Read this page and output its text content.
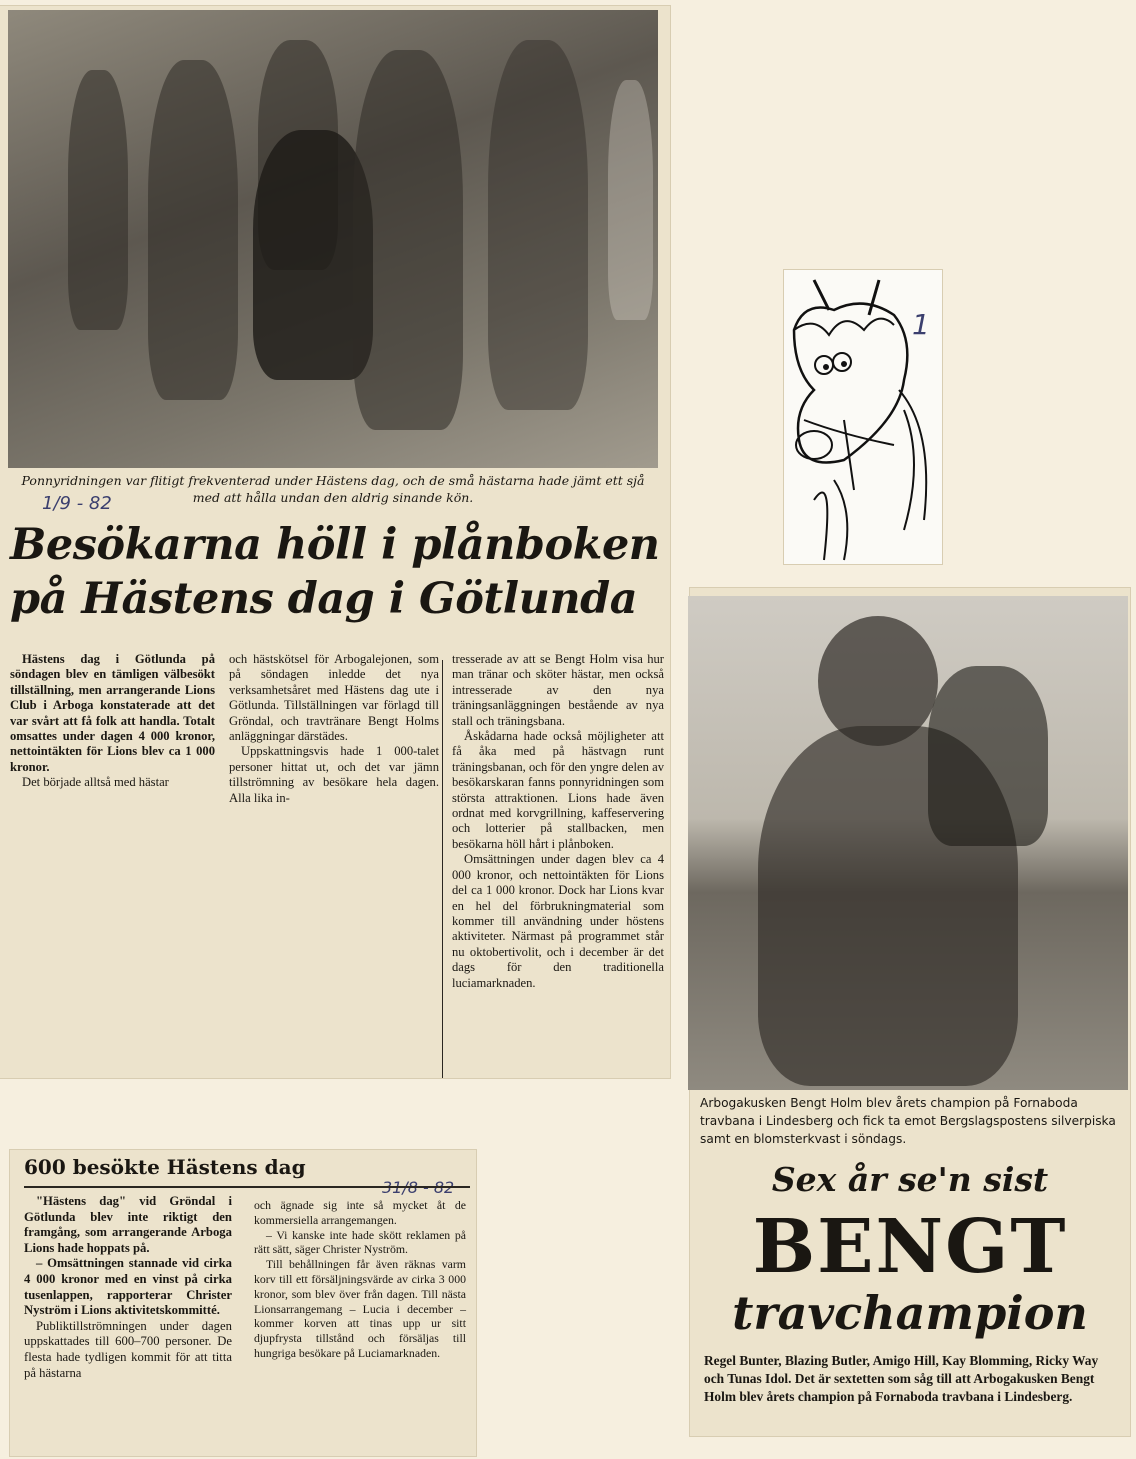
Ponnyridningen var flitigt frekventerad under Hästens dag, och de små hästarna hade jämt ett sjå med att hålla undan den aldrig sinande kön.
1/9 - 82
Besökarna höll i plånboken
på Hästens dag i Götlunda

Hästens dag i Götlunda på söndagen blev en tämligen välbesökt tillställning, men arrangerande Lions Club i Arboga konstaterade att det var svårt att få folk att handla. Totalt omsattes under dagen 4 000 kronor, nettointäkten för Lions blev ca 1 000 kronor.

Det började alltså med hästar

och hästskötsel för Arbogalejonen, som på söndagen inledde det nya verksamhetsåret med Hästens dag ute i Götlunda. Tillställningen var förlagd till Gröndal, och travtränare Bengt Holms anläggningar därstädes.

Uppskattningsvis hade 1 000-talet personer hittat ut, och det var jämn tillströmning av besökare hela dagen. Alla lika in-

tresserade av att se Bengt Holm visa hur man tränar och sköter hästar, men också intresserade av den nya träningsanläggningen bestående av nya stall och träningsbana.

Åskådarna hade också möjligheter att få åka med på hästvagn runt träningsbanan, och för den yngre delen av besökarskaran fanns ponnyridningen som största attraktionen. Lions hade även ordnat med korvgrillning, kaffeservering och lotterier på stallbacken, men besökarna höll hårt i plånboken.

Omsättningen under dagen blev ca 4 000 kronor, och nettointäkten för Lions del ca 1 000 kronor. Dock har Lions kvar en hel del förbrukningmaterial som kommer till användning under höstens aktiviteter. Närmast på programmet står nu oktobertivolit, och i december är det dags för den traditionella luciamarknaden.

1
Arbogakusken Bengt Holm blev årets champion på Fornaboda travbana i Lindesberg och fick ta emot Bergslagspostens silverpiska samt en blomsterkvast i söndags.
Sex år se'n sist
BENGT
travchampion
Regel Bunter, Blazing Butler, Amigo Hill, Kay Blomming, Ricky Way och Tunas Idol. Det är sextetten som såg till att Arbogakusken Bengt Holm blev årets champion på Fornaboda travbana i Lindesberg.
600 besökte Hästens dag

"Hästens dag" vid Gröndal i Götlunda blev inte riktigt den framgång, som arrangerande Arboga Lions hade hoppats på.

– Omsättningen stannade vid cirka 4 000 kronor med en vinst på cirka tusenlappen, rapporterar Christer Nyström i Lions aktivitetskommitté.

Publiktillströmningen under dagen uppskattades till 600–700 personer. De flesta hade tydligen kommit för att titta på hästarna

och ägnade sig inte så mycket åt de kommersiella arrangemangen.

– Vi kanske inte hade skött reklamen på rätt sätt, säger Christer Nyström.

Till behållningen får även räknas varm korv till ett försäljningsvärde av cirka 3 000 kronor, som blev över från dagen. Till nästa Lionsarrangemang – Lucia i december – kommer korven att tinas upp ur sitt djupfrysta tillstånd och försäljas till hungriga besökare på Luciamarknaden.
